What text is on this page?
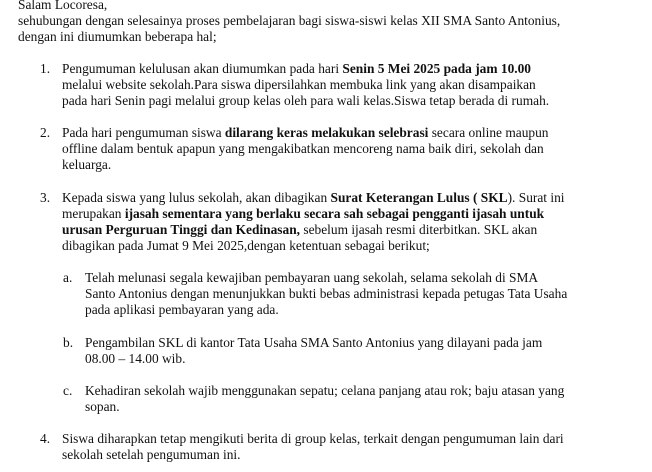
Salam Locoresa,
sehubungan dengan selesainya proses pembelajaran bagi siswa-siswi kelas XII SMA Santo Antonius,
dengan ini diumumkan beberapa hal;
1. Pengumuman kelulusan akan diumumkan pada hari Senin 5 Mei 2025 pada jam 10.00
melalui website sekolah.Para siswa dipersilahkan membuka link yang akan disampaikan
pada hari Senin pagi melalui group kelas oleh para wali kelas.Siswa tetap berada di rumah.
2. Pada hari pengumuman siswa dilarang keras melakukan selebrasi secara online maupun
offline dalam bentuk apapun yang mengakibatkan mencoreng nama baik diri, sekolah dan
keluarga.
3. Kepada siswa yang lulus sekolah, akan dibagikan Surat Keterangan Lulus ( SKL). Surat ini
merupakan ijasah sementara yang berlaku secara sah sebagai pengganti ijasah untuk
urusan Perguruan Tinggi dan Kedinasan, sebelum ijasah resmi diterbitkan. SKL akan
dibagikan pada Jumat 9 Mei 2025,dengan ketentuan sebagai berikut;
a. Telah melunasi segala kewajiban pembayaran uang sekolah, selama sekolah di SMA
Santo Antonius dengan menunjukkan bukti bebas administrasi kepada petugas Tata Usaha
pada aplikasi pembayaran yang ada.
b. Pengambilan SKL di kantor Tata Usaha SMA Santo Antonius yang dilayani pada jam
08.00 – 14.00 wib.
c. Kehadiran sekolah wajib menggunakan sepatu; celana panjang atau rok; baju atasan yang
sopan.
4. Siswa diharapkan tetap mengikuti berita di group kelas, terkait dengan pengumuman lain dari
sekolah setelah pengumuman ini.
